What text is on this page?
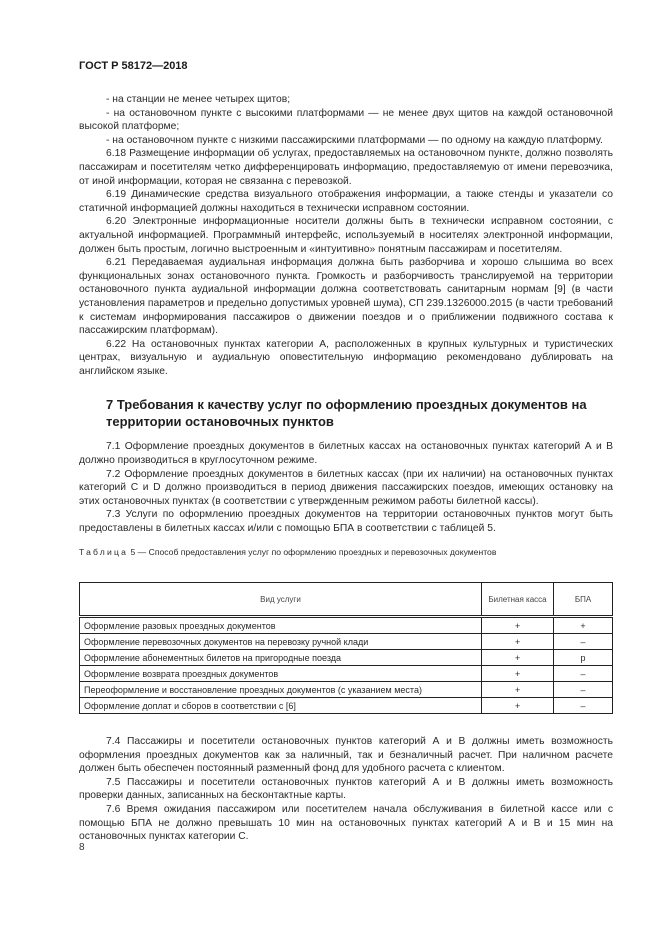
ГОСТ Р 58172—2018

- на станции не менее четырех щитов;

- на остановочном пункте с высокими платформами — не менее двух щитов на каждой остановочной высокой платформе;

- на остановочном пункте с низкими пассажирскими платформами — по одному на каждую платформу.

6.18 Размещение информации об услугах, предоставляемых на остановочном пункте, должно позволять пассажирам и посетителям четко дифференцировать информацию, предоставляемую от имени перевозчика, от иной информации, которая не связанна с перевозкой.

6.19 Динамические средства визуального отображения информации, а также стенды и указатели со статичной информацией должны находиться в технически исправном состоянии.

6.20 Электронные информационные носители должны быть в технически исправном состоянии, с актуальной информацией. Программный интерфейс, используемый в носителях электронной информации, должен быть простым, логично выстроенным и «интуитивно» понятным пассажирам и посетителям.

6.21 Передаваемая аудиальная информация должна быть разборчива и хорошо слышима во всех функциональных зонах остановочного пункта. Громкость и разборчивость транслируемой на территории остановочного пункта аудиальной информации должна соответствовать санитарным нормам [9] (в части установления параметров и предельно допустимых уровней шума), СП 239.1326000.2015 (в части требований к системам информирования пассажиров о движении поездов и о приближении подвижного состава к пассажирским платформам).

6.22 На остановочных пунктах категории А, расположенных в крупных культурных и туристических центрах, визуальную и аудиальную оповестительную информацию рекомендовано дублировать на английском языке.

7 Требования к качеству услуг по оформлению проездных документов на территории остановочных пунктов

7.1 Оформление проездных документов в билетных кассах на остановочных пунктах категорий А и В должно производиться в круглосуточном режиме.

7.2 Оформление проездных документов в билетных кассах (при их наличии) на остановочных пунктах категорий С и D должно производиться в период движения пассажирских поездов, имеющих остановку на этих остановочных пунктах (в соответствии с утвержденным режимом работы билетной кассы).

7.3 Услуги по оформлению проездных документов на территории остановочных пунктов могут быть предоставлены в билетных кассах и/или с помощью БПА в соответствии с таблицей 5.

Таблица 5 — Способ предоставления услуг по оформлению проездных и перевозочных документов
Вид услуги	Билетная касса	БПА
Оформление разовых проездных документов	+	+
Оформление перевозочных документов на перевозку ручной клади	+	–
Оформление абонементных билетов на пригородные поезда	+	р
Оформление возврата проездных документов	+	–
Переоформление и восстановление проездных документов (с указанием места)	+	–
Оформление доплат и сборов в соответствии с [6]	+	–

7.4 Пассажиры и посетители остановочных пунктов категорий А и В должны иметь возможность оформления проездных документов как за наличный, так и безналичный расчет. При наличном расчете должен быть обеспечен постоянный разменный фонд для удобного расчета с клиентом.

7.5 Пассажиры и посетители остановочных пунктов категорий А и В должны иметь возможность проверки данных, записанных на бесконтактные карты.

7.6 Время ожидания пассажиром или посетителем начала обслуживания в билетной кассе или с помощью БПА не должно превышать 10 мин на остановочных пунктах категорий А и В и 15 мин на остановочных пунктах категории С.

8
